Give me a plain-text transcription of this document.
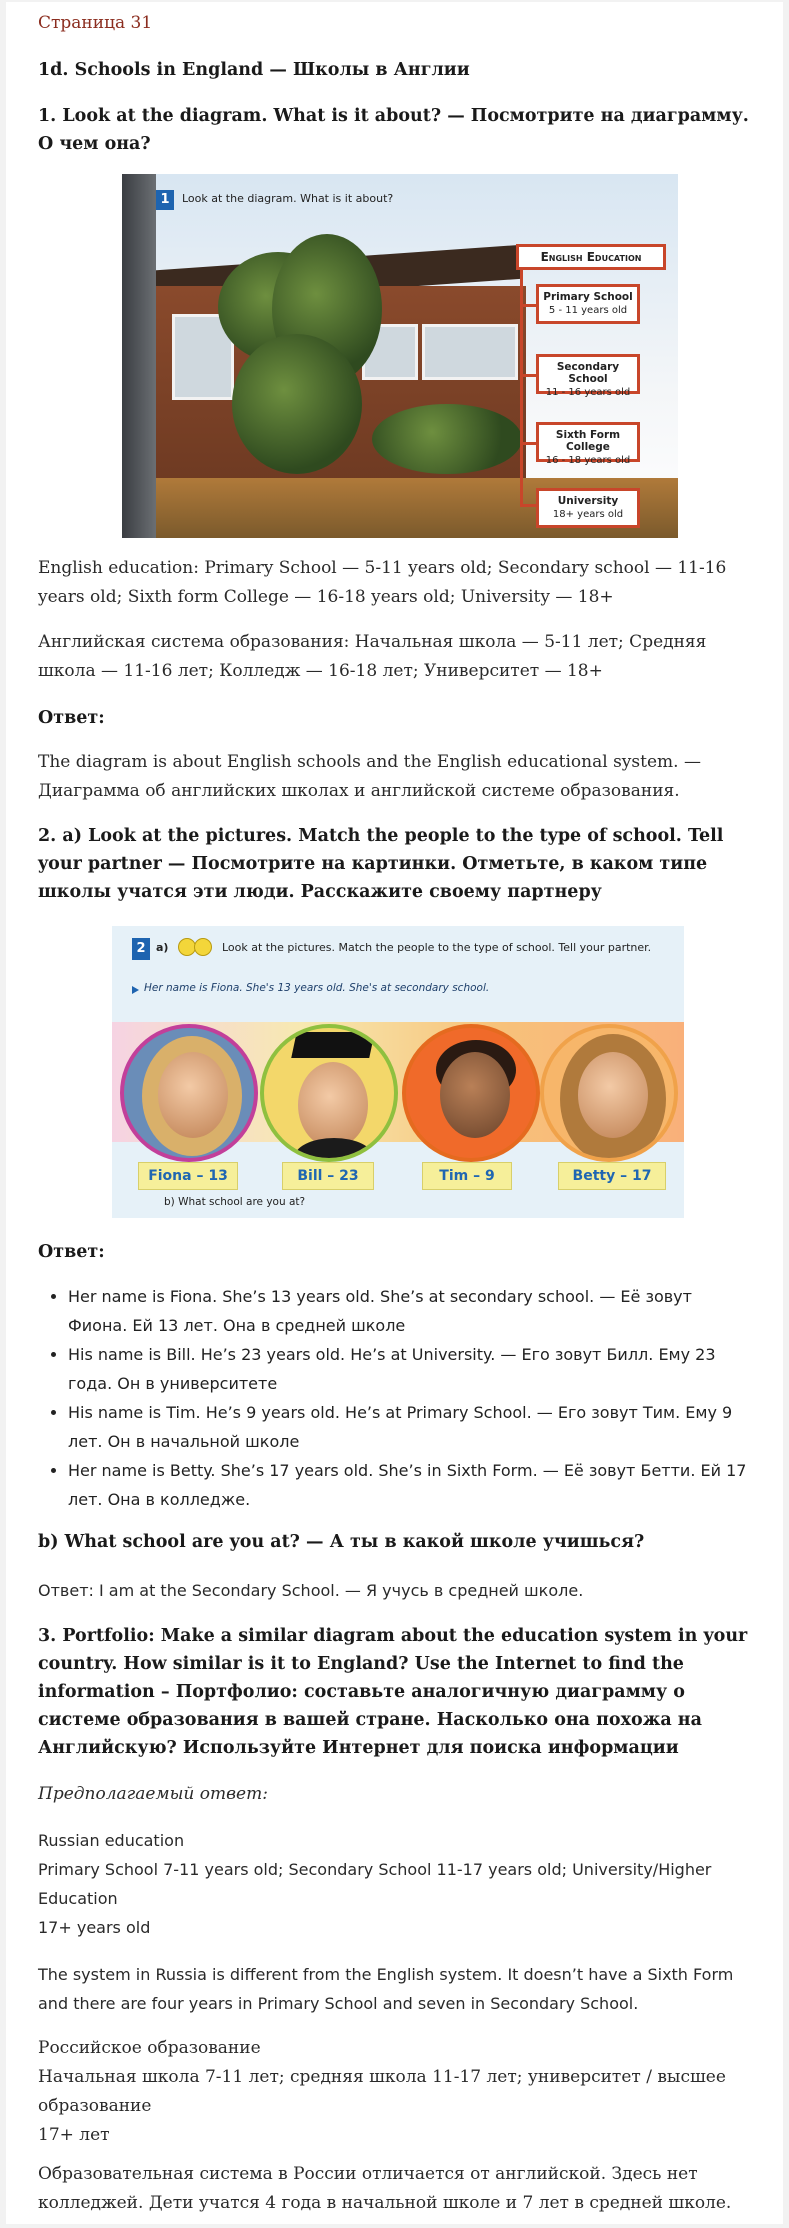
Страница 31
1d. Schools in England — Школы в Англии
1. Look at the diagram. What is it about? — Посмотрите на диаграмму. О чем она?
1	Look at the diagram. What is it about?
English Education
Primary School
5 - 11 years old
Secondary School
11 - 16 years old
Sixth Form College
16 - 18 years old
University
18+ years old
English education: Primary School — 5-11 years old; Secondary school — 11-16 years old; Sixth form College — 16-18 years old; University — 18+
Английская система образования: Начальная школа — 5-11 лет; Средняя школа — 11-16 лет; Колледж — 16-18 лет; Университет — 18+
Ответ:
The diagram is about English schools and the English educational system. — Диаграмма об английских школах и английской системе образования.
2. a) Look at the pictures. Match the people to the type of school. Tell your partner — Посмотрите на картинки. Отметьте, в каком типе школы учатся эти люди. Расскажите своему партнеру
2 a)	Look at the pictures. Match the people to the type of school. Tell your partner.
Her name is Fiona. She's 13 years old. She's at secondary school.
Fiona – 13	Bill – 23	Tim – 9	Betty – 17
b) What school are you at?
Ответ:
• Her name is Fiona. She’s 13 years old. She’s at secondary school. — Её зовут Фиона. Ей 13 лет. Она в средней школе
• His name is Bill. He’s 23 years old. He’s at University. — Его зовут Билл. Ему 23 года. Он в университете
• His name is Tim. He’s 9 years old. He’s at Primary School. — Его зовут Тим. Ему 9 лет. Он в начальной школе
• Her name is Betty. She’s 17 years old. She’s in Sixth Form. — Её зовут Бетти. Ей 17 лет. Она в колледже.
b) What school are you at? — А ты в какой школе учишься?
Ответ: I am at the Secondary School. — Я учусь в средней школе.
3. Portfolio: Make a similar diagram about the education system in your country. How similar is it to England? Use the Internet to find the information – Портфолио: составьте аналогичную диаграмму о системе образования в вашей стране. Насколько она похожа на Английскую? Используйте Интернет для поиска информации
Предполагаемый ответ:
Russian education
Primary School 7-11 years old; Secondary School 11-17 years old; University/Higher Education
17+ years old
The system in Russia is different from the English system. It doesn’t have a Sixth Form and there are four years in Primary School and seven in Secondary School.
Российское образование
Начальная школа 7-11 лет; средняя школа 11-17 лет; университет / высшее образование
17+ лет
Образовательная система в России отличается от английской. Здесь нет колледжей. Дети учатся 4 года в начальной школе и 7 лет в средней школе.
